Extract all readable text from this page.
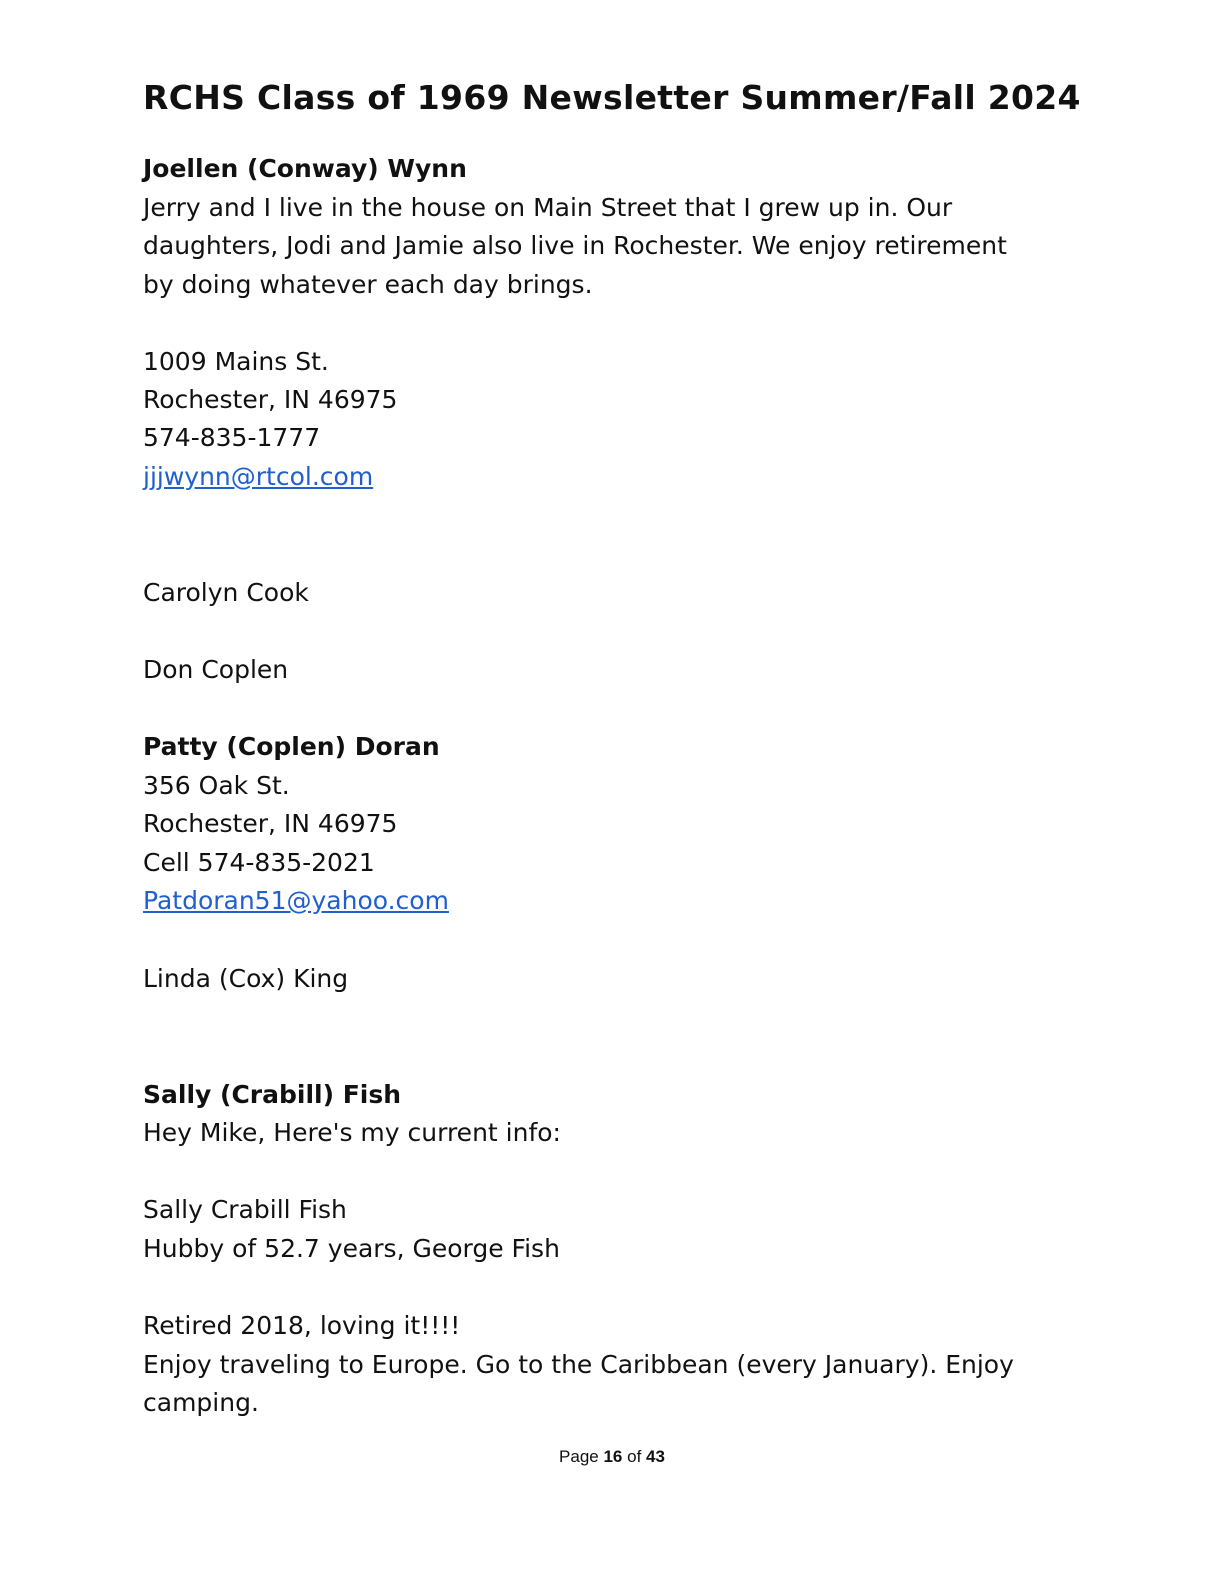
RCHS Class of 1969 Newsletter Summer/Fall 2024
Joellen (Conway) Wynn
Jerry and I live in the house on Main Street that I grew up in. Our
daughters, Jodi and Jamie also live in Rochester. We enjoy retirement
by doing whatever each day brings.
1009 Mains St.
Rochester, IN 46975
574-835-1777
jjjwynn@rtcol.com
Carolyn Cook
Don Coplen
Patty (Coplen) Doran
356 Oak St.
Rochester, IN 46975
Cell 574-835-2021
Patdoran51@yahoo.com
Linda (Cox) King
Sally (Crabill) Fish
Hey Mike, Here's my current info:
Sally Crabill Fish
Hubby of 52.7 years, George Fish
Retired 2018, loving it!!!!
Enjoy traveling to Europe. Go to the Caribbean (every January). Enjoy
camping.
Page 16 of 43
